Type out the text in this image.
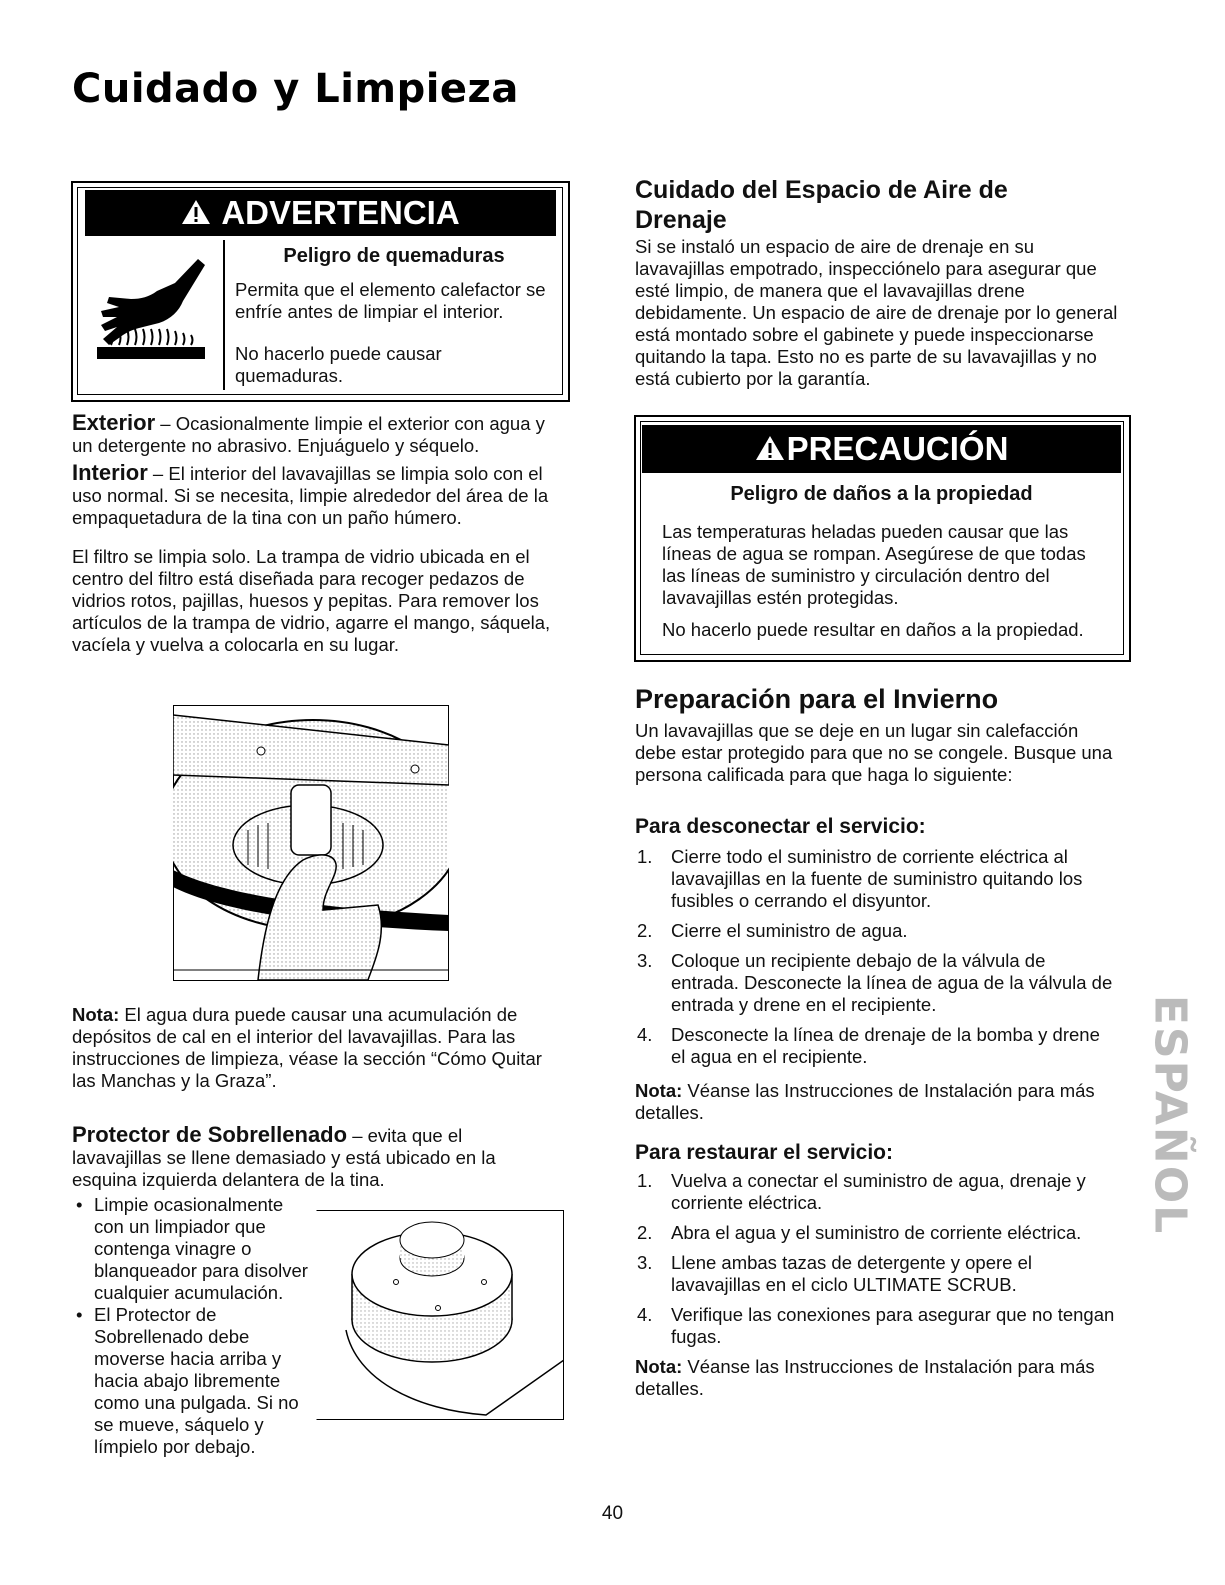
Cuidado y Limpieza
ADVERTENCIA
Peligro de quemaduras
Permita que el elemento calefactor se enfríe antes de limpiar el interior.
No hacerlo puede causar quemaduras.
Exterior – Ocasionalmente limpie el exterior con agua y un detergente no abrasivo. Enjuáguelo y séquelo.
Interior – El interior del lavavajillas se limpia solo con el uso normal. Si se necesita, limpie alrededor del área de la empaquetadura de la tina con un paño húmero.
El filtro se limpia solo. La trampa de vidrio ubicada en el centro del filtro está diseñada para recoger pedazos de vidrios rotos, pajillas, huesos y pepitas. Para remover los artículos de la trampa de vidrio, agarre el mango, sáquela, vacíela y vuelva a colocarla en su lugar.
Nota: El agua dura puede causar una acumulación de depósitos de cal en el interior del lavavajillas. Para las instrucciones de limpieza, véase la sección “Cómo Quitar las Manchas y la Graza”.
Protector de Sobrellenado – evita que el lavavajillas se llene demasiado y está ubicado en la esquina izquierda delantera de la tina.
• Limpie ocasionalmente con un limpiador que contenga vinagre o blanqueador para disolver cualquier acumulación.
• El Protector de Sobrellenado debe moverse hacia arriba y hacia abajo libremente como una pulgada. Si no se mueve, sáquelo y límpielo por debajo.
Cuidado del Espacio de Aire de Drenaje
Si se instaló un espacio de aire de drenaje en su lavavajillas empotrado, inspecciónelo para asegurar que esté limpio, de manera que el lavavajillas drene debidamente. Un espacio de aire de drenaje por lo general está montado sobre el gabinete y puede inspeccionarse quitando la tapa. Esto no es parte de su lavavajillas y no está cubierto por la garantía.
PRECAUCIÓN
Peligro de daños a la propiedad
Las temperaturas heladas pueden causar que las líneas de agua se rompan. Asegúrese de que todas las líneas de suministro y circulación dentro del lavavajillas estén protegidas.
No hacerlo puede resultar en daños a la propiedad.
Preparación para el Invierno
Un lavavajillas que se deje en un lugar sin calefacción debe estar protegido para que no se congele. Busque una persona calificada para que haga lo siguiente:
Para desconectar el servicio:
1. Cierre todo el suministro de corriente eléctrica al lavavajillas en la fuente de suministro quitando los fusibles o cerrando el disyuntor.
2. Cierre el suministro de agua.
3. Coloque un recipiente debajo de la válvula de entrada. Desconecte la línea de agua de la válvula de entrada y drene en el recipiente.
4. Desconecte la línea de drenaje de la bomba y drene el agua en el recipiente.
Nota: Véanse las Instrucciones de Instalación para más detalles.
Para restaurar el servicio:
1. Vuelva a conectar el suministro de agua, drenaje y corriente eléctrica.
2. Abra el agua y el suministro de corriente eléctrica.
3. Llene ambas tazas de detergente y opere el lavavajillas en el ciclo ULTIMATE SCRUB.
4. Verifique las conexiones para asegurar que no tengan fugas.
Nota: Véanse las Instrucciones de Instalación para más detalles.
ESPAÑOL
40
